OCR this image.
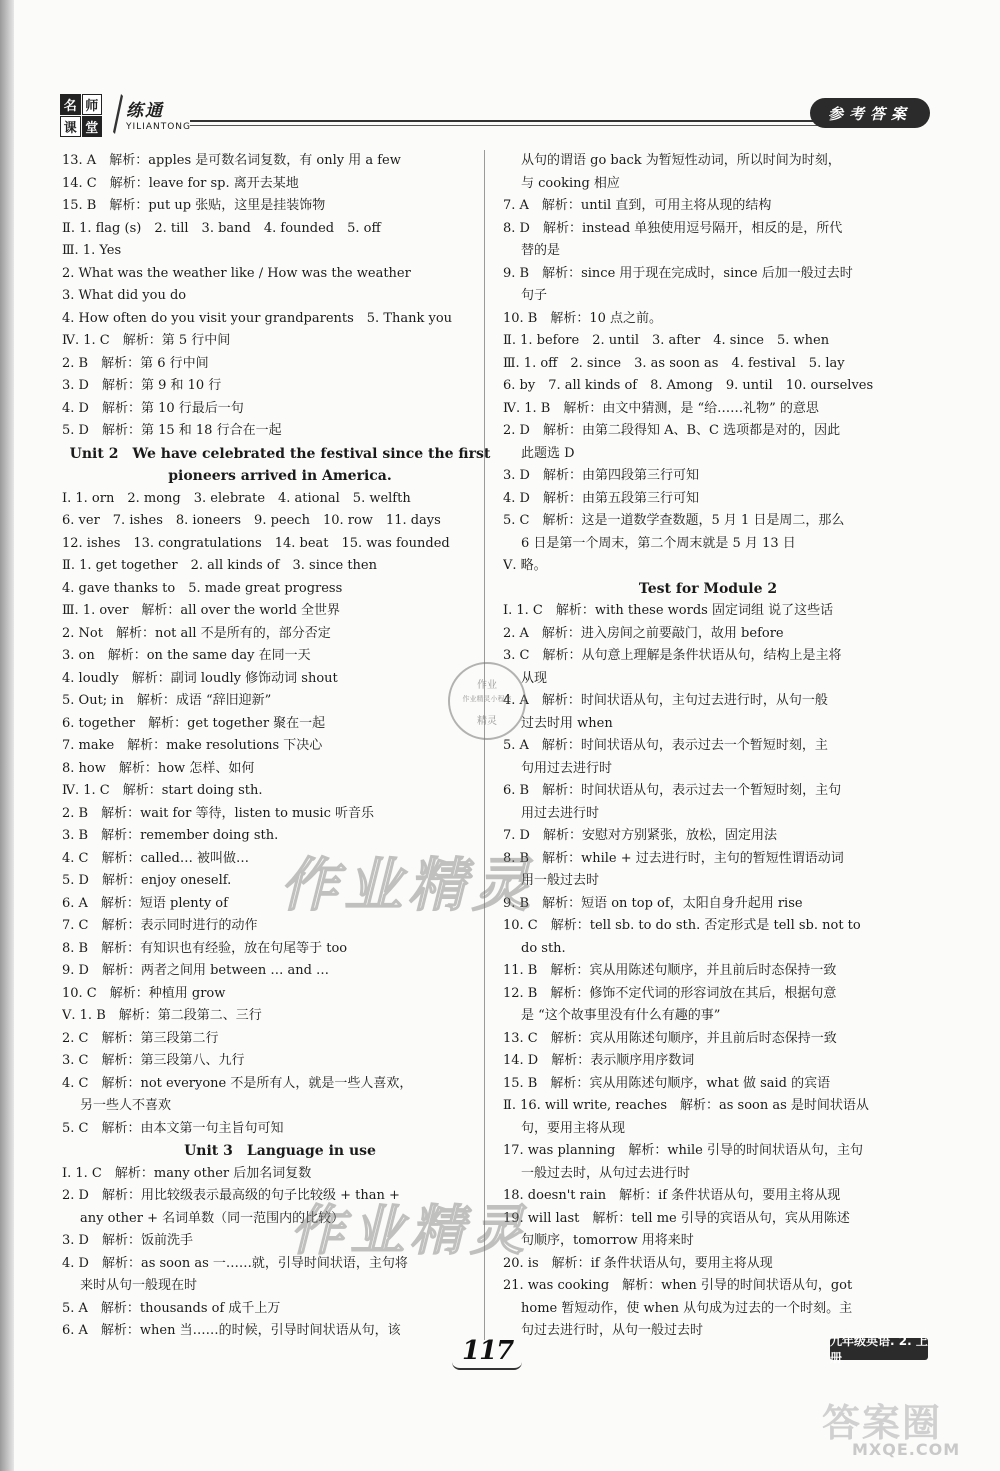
名 师
课 堂
练通
YILIANTONG
参考答案
13. A　解析：apples 是可数名词复数，有 only 用 a few
14. C　解析：leave for sp. 离开去某地
15. B　解析：put up 张贴，这里是挂装饰物
Ⅱ. 1. flag (s)　2. till　3. band　4. founded　5. off
Ⅲ. 1. Yes
2. What was the weather like / How was the weather
3. What did you do
4. How often do you visit your grandparents　5. Thank you
Ⅳ. 1. C　解析：第 5 行中间
2. B　解析：第 6 行中间
3. D　解析：第 9 和 10 行
4. D　解析：第 10 行最后一句
5. D　解析：第 15 和 18 行合在一起
Unit 2　We have celebrated the festival since the first
pioneers arrived in America.
Ⅰ. 1. orn　2. mong　3. elebrate　4. ational　5. welfth
6. ver　7. ishes　8. ioneers　9. peech　10. row　11. days
12. ishes　13. congratulations　14. beat　15. was founded
Ⅱ. 1. get together　2. all kinds of　3. since then
4. gave thanks to　5. made great progress
Ⅲ. 1. over　解析：all over the world 全世界
2. Not　解析：not all 不是所有的，部分否定
3. on　解析：on the same day 在同一天
4. loudly　解析：副词 loudly 修饰动词 shout
5. Out; in　解析：成语 “辞旧迎新”
6. together　解析：get together 聚在一起
7. make　解析：make resolutions 下决心
8. how　解析：how 怎样、如何
Ⅳ. 1. C　解析：start doing sth.
2. B　解析：wait for 等待，listen to music 听音乐
3. B　解析：remember doing sth.
4. C　解析：called… 被叫做…
5. D　解析：enjoy oneself.
6. A　解析：短语 plenty of
7. C　解析：表示同时进行的动作
8. B　解析：有知识也有经验，放在句尾等于 too
9. D　解析：两者之间用 between … and …
10. C　解析：种植用 grow
Ⅴ. 1. B　解析：第二段第二、三行
2. C　解析：第三段第二行
3. C　解析：第三段第八、九行
4. C　解析：not everyone 不是所有人，就是一些人喜欢，
另一些人不喜欢
5. C　解析：由本文第一句主旨句可知
Unit 3　Language in use
Ⅰ. 1. C　解析：many other 后加名词复数
2. D　解析：用比较级表示最高级的句子比较级 + than +
any other + 名词单数（同一范围内的比较）
3. D　解析：饭前洗手
4. D　解析：as soon as 一……就，引导时间状语，主句将
来时从句一般现在时
5. A　解析：thousands of 成千上万
6. A　解析：when 当……的时候，引导时间状语从句，该
从句的谓语 go back 为暂短性动词，所以时间为时刻，
与 cooking 相应
7. A　解析：until 直到，可用主将从现的结构
8. D　解析：instead 单独使用逗号隔开，相反的是，所代
替的是
9. B　解析：since 用于现在完成时，since 后加一般过去时
句子
10. B　解析：10 点之前。
Ⅱ. 1. before　2. until　3. after　4. since　5. when
Ⅲ. 1. off　2. since　3. as soon as　4. festival　5. lay
6. by　7. all kinds of　8. Among　9. until　10. ourselves
Ⅳ. 1. B　解析：由文中猜测，是 “给……礼物” 的意思
2. D　解析：由第二段得知 A、B、C 选项都是对的，因此
此题选 D
3. D　解析：由第四段第三行可知
4. D　解析：由第五段第三行可知
5. C　解析：这是一道数学查数题，5 月 1 日是周二，那么
6 日是第一个周末，第二个周末就是 5 月 13 日
Ⅴ. 略。
Test for Module 2
Ⅰ. 1. C　解析：with these words 固定词组 说了这些话
2. A　解析：进入房间之前要敲门，故用 before
3. C　解析：从句意上理解是条件状语从句，结构上是主将
从现
4. A　解析：时间状语从句，主句过去进行时，从句一般
过去时用 when
5. A　解析：时间状语从句，表示过去一个暂短时刻，主
句用过去进行时
6. B　解析：时间状语从句，表示过去一个暂短时刻，主句
用过去进行时
7. D　解析：安慰对方别紧张，放松，固定用法
8. B　解析：while + 过去进行时，主句的暂短性谓语动词
用一般过去时
9. B　解析：短语 on top of，太阳自身升起用 rise
10. C　解析：tell sb. to do sth. 否定形式是 tell sb. not to
do sth.
11. B　解析：宾从用陈述句顺序，并且前后时态保持一致
12. B　解析：修饰不定代词的形容词放在其后，根据句意
是 “这个故事里没有什么有趣的事”
13. C　解析：宾从用陈述句顺序，并且前后时态保持一致
14. D　解析：表示顺序用序数词
15. B　解析：宾从用陈述句顺序，what 做 said 的宾语
Ⅱ. 16. will write, reaches　解析：as soon as 是时间状语从
句，要用主将从现
17. was planning　解析：while 引导的时间状语从句，主句
一般过去时，从句过去进行时
18. doesn't rain　解析：if 条件状语从句，要用主将从现
19. will last　解析：tell me 引导的宾语从句，宾从用陈述
句顺序，tomorrow 用将来时
20. is　解析：if 条件状语从句，要用主将从现
21. was cooking　解析：when 引导的时间状语从句，got
home 暂短动作，使 when 从句成为过去的一个时刻。主
句过去进行时，从句一般过去时
作业
作业精灵小程序
精灵
作业精灵
作业精灵
117	九年级英语. 2. 上册
答案圈
MXQE.COM
